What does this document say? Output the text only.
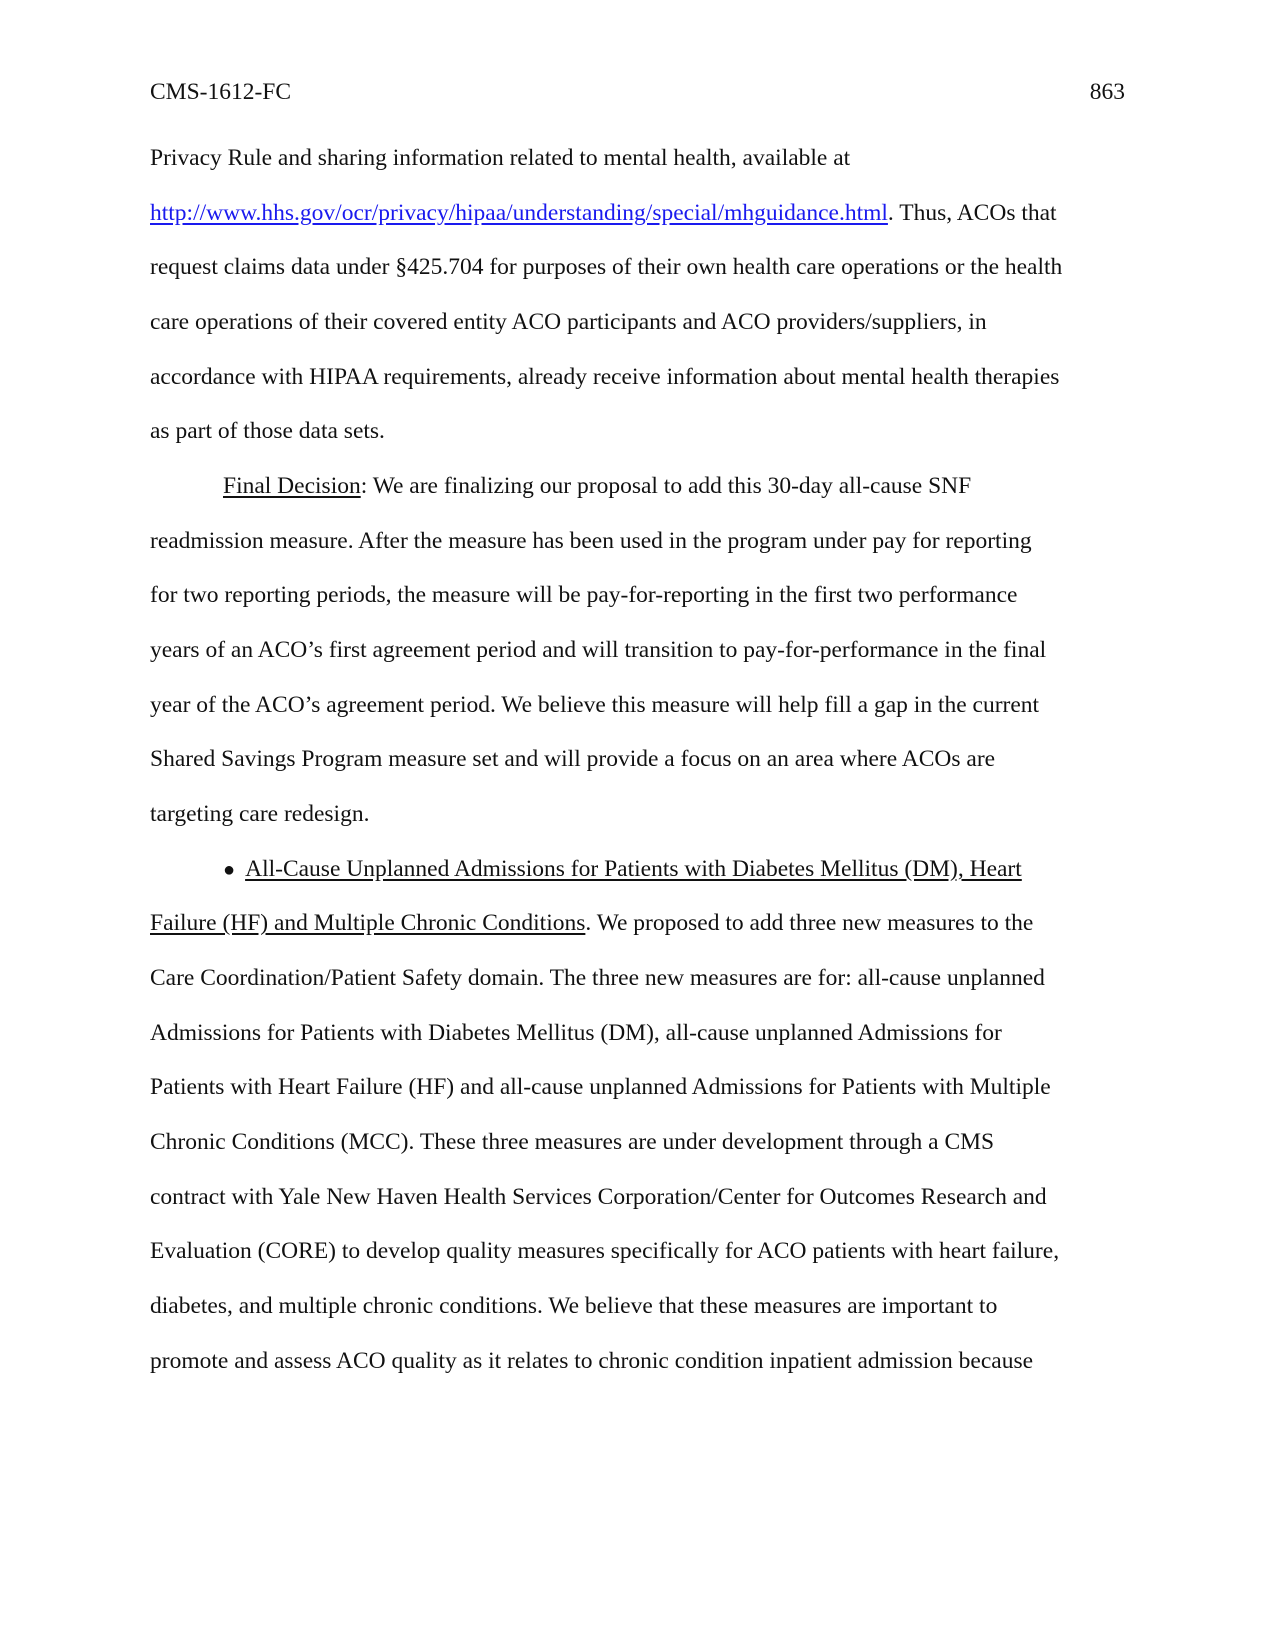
CMS-1612-FC	863
Privacy Rule and sharing information related to mental health, available at
http://www.hhs.gov/ocr/privacy/hipaa/understanding/special/mhguidance.html. Thus, ACOs that
request claims data under §425.704 for purposes of their own health care operations or the health
care operations of their covered entity ACO participants and ACO providers/suppliers, in
accordance with HIPAA requirements, already receive information about mental health therapies
as part of those data sets.
Final Decision: We are finalizing our proposal to add this 30-day all-cause SNF
readmission measure. After the measure has been used in the program under pay for reporting
for two reporting periods, the measure will be pay-for-reporting in the first two performance
years of an ACO’s first agreement period and will transition to pay-for-performance in the final
year of the ACO’s agreement period. We believe this measure will help fill a gap in the current
Shared Savings Program measure set and will provide a focus on an area where ACOs are
targeting care redesign.
● All-Cause Unplanned Admissions for Patients with Diabetes Mellitus (DM), Heart
Failure (HF) and Multiple Chronic Conditions. We proposed to add three new measures to the
Care Coordination/Patient Safety domain. The three new measures are for: all-cause unplanned
Admissions for Patients with Diabetes Mellitus (DM), all-cause unplanned Admissions for
Patients with Heart Failure (HF) and all-cause unplanned Admissions for Patients with Multiple
Chronic Conditions (MCC). These three measures are under development through a CMS
contract with Yale New Haven Health Services Corporation/Center for Outcomes Research and
Evaluation (CORE) to develop quality measures specifically for ACO patients with heart failure,
diabetes, and multiple chronic conditions. We believe that these measures are important to
promote and assess ACO quality as it relates to chronic condition inpatient admission because
